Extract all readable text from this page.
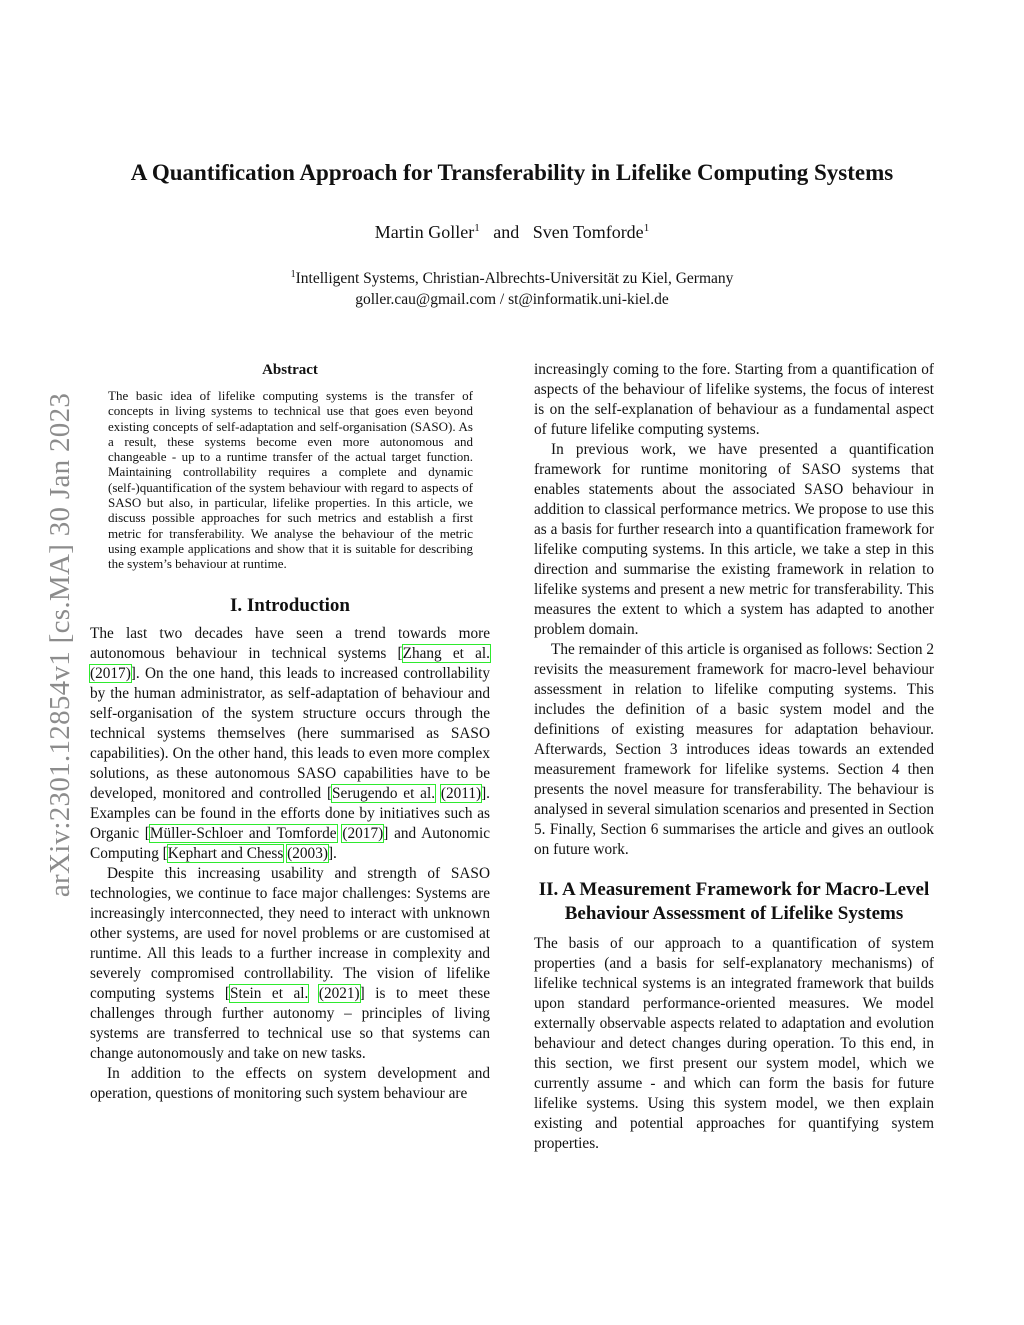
A Quantification Approach for Transferability in Lifelike Computing Systems
Martin Goller$^1$ and Sven Tomforde$^1$
$^1$Intelligent Systems, Christian-Albrechts-Universität zu Kiel, Germany
goller.cau@gmail.com / st@informatik.uni-kiel.de
arXiv:2301.12854v1 [cs.MA] 30 Jan 2023
Abstract

The basic idea of lifelike computing systems is the transfer of concepts in living systems to technical use that goes even beyond existing concepts of self-adaptation and self-organisation (SASO). As a result, these systems become even more autonomous and changeable - up to a runtime transfer of the actual target function. Maintaining controllability requires a complete and dynamic (self-)quantification of the system behaviour with regard to aspects of SASO but also, in particular, lifelike properties. In this article, we discuss possible approaches for such metrics and establish a first metric for transferability. We analyse the behaviour of the metric using example applications and show that it is suitable for describing the system’s behaviour at runtime.

I. Introduction

The last two decades have seen a trend towards more autonomous behaviour in technical systems [Zhang et al. (2017)]. On the one hand, this leads to increased controllability by the human administrator, as self-adaptation of behaviour and self-organisation of the system structure occurs through the technical systems themselves (here summarised as SASO capabilities). On the other hand, this leads to even more complex solutions, as these autonomous SASO capabilities have to be developed, monitored and controlled [Serugendo et al. (2011)]. Examples can be found in the efforts done by initiatives such as Organic [Müller-Schloer and Tomforde (2017)] and Autonomic Computing [Kephart and Chess (2003)].

Despite this increasing usability and strength of SASO technologies, we continue to face major challenges: Systems are increasingly interconnected, they need to interact with unknown other systems, are used for novel problems or are customised at runtime. All this leads to a further increase in complexity and severely compromised controllability. The vision of lifelike computing systems [Stein et al. (2021)] is to meet these challenges through further autonomy – principles of living systems are transferred to technical use so that systems can change autonomously and take on new tasks.

In addition to the effects on system development and operation, questions of monitoring such system behaviour are

increasingly coming to the fore. Starting from a quantification of aspects of the behaviour of lifelike systems, the focus of interest is on the self-explanation of behaviour as a fundamental aspect of future lifelike computing systems.

In previous work, we have presented a quantification framework for runtime monitoring of SASO systems that enables statements about the associated SASO behaviour in addition to classical performance metrics. We propose to use this as a basis for further research into a quantification framework for lifelike computing systems. In this article, we take a step in this direction and summarise the existing framework in relation to lifelike systems and present a new metric for transferability. This measures the extent to which a system has adapted to another problem domain.

The remainder of this article is organised as follows: Section 2 revisits the measurement framework for macro-level behaviour assessment in relation to lifelike computing systems. This includes the definition of a basic system model and the definitions of existing measures for adaptation behaviour. Afterwards, Section 3 introduces ideas towards an extended measurement framework for lifelike systems. Section 4 then presents the novel measure for transferability. The behaviour is analysed in several simulation scenarios and presented in Section 5. Finally, Section 6 summarises the article and gives an outlook on future work.

II. A Measurement Framework for Macro-Level Behaviour Assessment of Lifelike Systems

The basis of our approach to a quantification of system properties (and a basis for self-explanatory mechanisms) of lifelike technical systems is an integrated framework that builds upon standard performance-oriented measures. We model externally observable aspects related to adaptation and evolution behaviour and detect changes during operation. To this end, in this section, we first present our system model, which we currently assume - and which can form the basis for future lifelike systems. Using this system model, we then explain existing and potential approaches for quantifying system properties.
